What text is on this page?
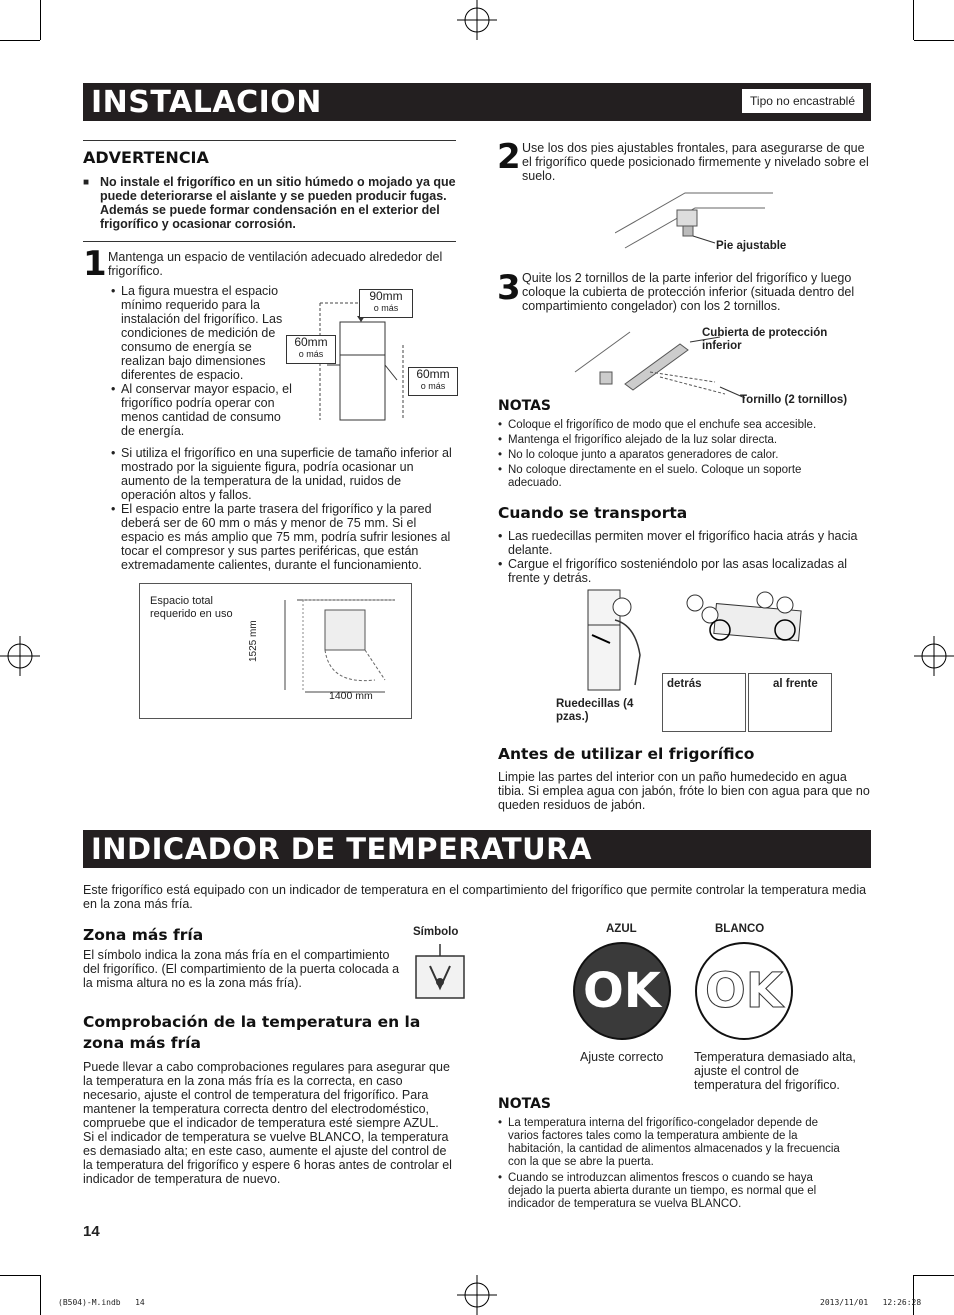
INSTALACION	Tipo no encastrablé
ADVERTENCIA
■ No instale el frigorífico en un sitio húmedo o mojado ya que puede deteriorarse el aislante y se pueden producir fugas. Además se puede formar condensación en el exterior del frigorífico y ocasionar corrosión.
1 Mantenga un espacio de ventilación adecuado alrededor del frigorífico.
• La figura muestra el espacio mínimo requerido para la instalación del frigorífico. Las condiciones de medición de consumo de energía se realizan bajo dimensiones diferentes de espacio.
• Al conservar mayor espacio, el frigorífico podría operar con menos cantidad de consumo de energía.
• Si utiliza el frigorífico en una superficie de tamaño inferior al mostrado por la siguiente figura, podría ocasionar un aumento de la temperatura de la unidad, ruidos de operación altos y fallos.
• El espacio entre la parte trasera del frigorífico y la pared deberá ser de 60 mm o más y menor de 75 mm. Si el espacio es más amplio que 75 mm, podría sufrir lesiones al tocar el compresor y sus partes periféricas, que están extremadamente calientes, durante el funcionamiento.
90mm
o más
60mm
o más
60mm
o más
Espacio total requerido en uso
1525 mm
1400 mm
2 Use los dos pies ajustables frontales, para asegurarse de que el frigorífico quede posicionado firmemente y nivelado sobre el suelo.
Pie ajustable
3 Quite los 2 tornillos de la parte inferior del frigorífico y luego coloque la cubierta de protección inferior (situada dentro del compartimiento congelador) con los 2 tornillos.
Cubierta de protección inferior
Tornillo (2 tornillos)
NOTAS
• Coloque el frigorífico de modo que el enchufe sea accesible.
• Mantenga el frigorífico alejado de la luz solar directa.
• No lo coloque junto a aparatos generadores de calor.
• No coloque directamente en el suelo. Coloque un soporte adecuado.
Cuando se transporta
• Las ruedecillas permiten mover el frigorífico hacia atrás y hacia delante.
• Cargue el frigorífico sosteniéndolo por las asas localizadas al frente y detrás.
Ruedecillas (4 pzas.)
detrás	al frente
Antes de utilizar el frigorífico
Limpie las partes del interior con un paño humedecido en agua tibia. Si emplea agua con jabón, fróte lo bien con agua para que no queden residuos de jabón.
INDICADOR DE TEMPERATURA
Este frigorífico está equipado con un indicador de temperatura en el compartimiento del frigorífico que permite controlar la temperatura media en la zona más fría.
Zona más fría
El símbolo indica la zona más fría en el compartimiento del frigorífico. (El compartimiento de la puerta colocada a la misma altura no es la zona más fría).
Símbolo
Comprobación de la temperatura en la zona más fría
Puede llevar a cabo comprobaciones regulares para asegurar que la temperatura en la zona más fría es la correcta, en caso necesario, ajuste el control de temperatura del frigorífico. Para mantener la temperatura correcta dentro del electrodoméstico, compruebe que el indicador de temperatura esté siempre AZUL. Si el indicador de temperatura se vuelve BLANCO, la temperatura es demasiado alta; en este caso, aumente el ajuste del control de la temperatura del frigorífico y espere 6 horas antes de controlar el indicador de temperatura de nuevo.
AZUL	BLANCO
OK OK
Ajuste correcto Temperatura demasiado alta, ajuste el control de temperatura del frigorífico.
NOTAS
• La temperatura interna del frigorífico-congelador depende de varios factores tales como la temperatura ambiente de la habitación, la cantidad de alimentos almacenados y la frecuencia con la que se abre la puerta.
• Cuando se introduzcan alimentos frescos o cuando se haya dejado la puerta abierta durante un tiempo, es normal que el indicador de temperatura se vuelva BLANCO.
14
(B504)-M.indb   14	2013/11/01   12:26:28
